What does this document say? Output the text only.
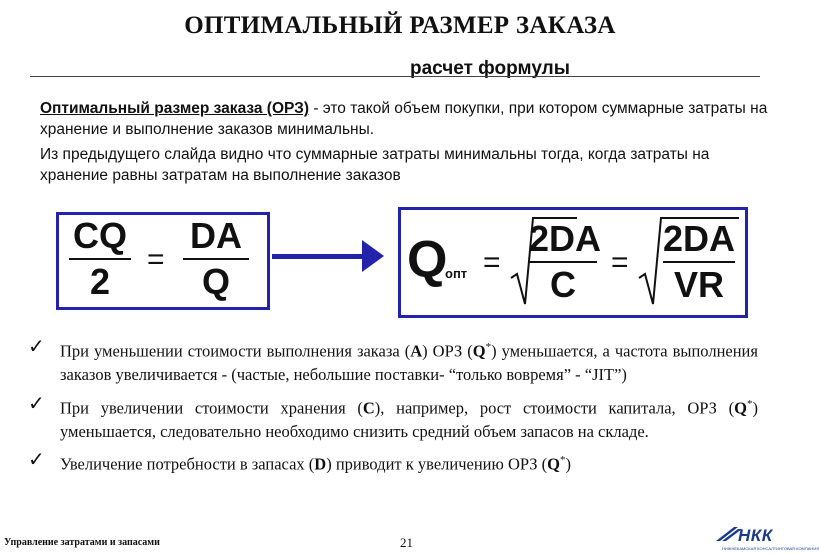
ОПТИМАЛЬНЫЙ РАЗМЕР ЗАКАЗА
расчет формулы

Оптимальный размер заказа (ОРЗ) - это такой объем покупки, при котором суммарные затраты на хранение и выполнение заказов минимальны.

Из предыдущего слайда видно что суммарные затраты минимальны тогда, когда затраты на хранение равны затратам на выполнение заказов

CQ
2
=
DA
Q	Q
опт =
2DA
C
=
2DA
VR
✓ При уменьшении стоимости выполнения заказа (А) ОРЗ (Q*) уменьшается, а частота выполнения заказов увеличивается - (частые, небольшие поставки- “только вовремя” - “JIT”)
✓ При увеличении стоимости хранения (С), например, рост стоимости капитала, ОРЗ (Q*) уменьшается, следовательно необходимо снизить средний объем запасов на складе.
✓ Увеличение потребности в запасах (D) приводит к увеличению ОРЗ (Q*)
Управление затратами и запасами	21	НКК
НИЖНЕКАМСКАЯ КОНСАЛТИНГОВАЯ КОМПАНИЯ
